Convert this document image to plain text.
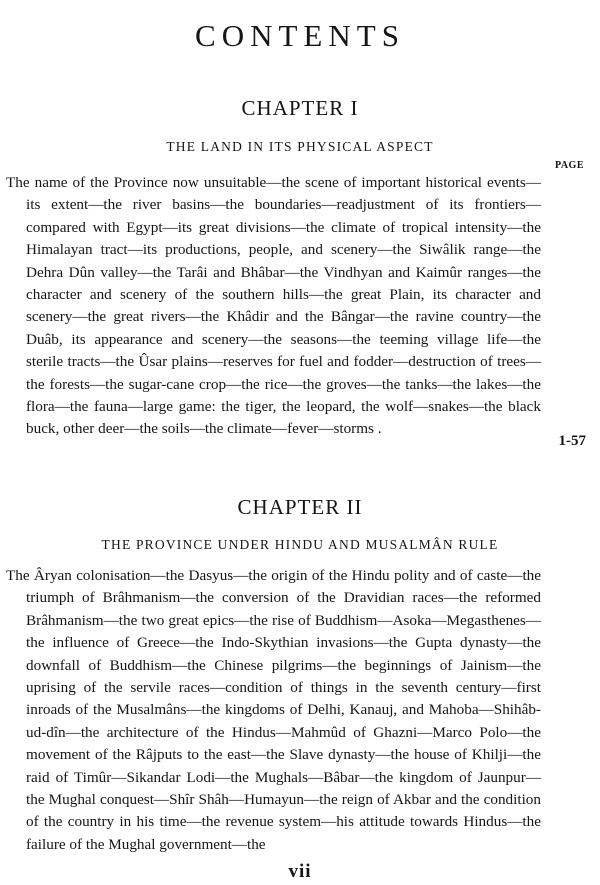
CONTENTS
CHAPTER I
THE LAND IN ITS PHYSICAL ASPECT
PAGE

The name of the Province now unsuitable—the scene of important historical events—its extent—the river basins—the boundaries—readjustment of its frontiers—compared with Egypt—its great divisions—the climate of tropical intensity—the Himalayan tract—its productions, people, and scenery—the Siwâlik range—the Dehra Dûn valley—the Tarâi and Bhâbar—the Vindhyan and Kaimûr ranges—the character and scenery of the southern hills—the great Plain, its character and scenery—the great rivers—the Khâdir and the Bângar—the ravine country—the Duâb, its appearance and scenery—the seasons—the teeming village life—the sterile tracts—the Ûsar plains—reserves for fuel and fodder—destruction of trees—the forests—the sugar-cane crop—the rice—the groves—the tanks—the lakes—the flora—the fauna—large game: the tiger, the leopard, the wolf—snakes—the black buck, other deer—the soils—the climate—fever—storms .

1-57
CHAPTER II
THE PROVINCE UNDER HINDU AND MUSALMÂN RULE

The Âryan colonisation—the Dasyus—the origin of the Hindu polity and of caste—the triumph of Brâhmanism—the conversion of the Dravidian races—the reformed Brâhmanism—the two great epics—the rise of Buddhism—Asoka—Megasthenes—the influence of Greece—the Indo-Skythian invasions—the Gupta dynasty—the downfall of Buddhism—the Chinese pilgrims—the beginnings of Jainism—the uprising of the servile races—condition of things in the seventh century—first inroads of the Musalmâns—the kingdoms of Delhi, Kanauj, and Mahoba—Shihâb-ud-dîn—the architecture of the Hindus—Mahmûd of Ghazni—Marco Polo—the movement of the Râjputs to the east—the Slave dynasty—the house of Khilji—the raid of Timûr—Sikandar Lodi—the Mughals—Bâbar—the kingdom of Jaunpur—the Mughal conquest—Shîr Shâh—Humayun—the reign of Akbar and the condition of the country in his time—the revenue system—his attitude towards Hindus—the failure of the Mughal government—the

vii
